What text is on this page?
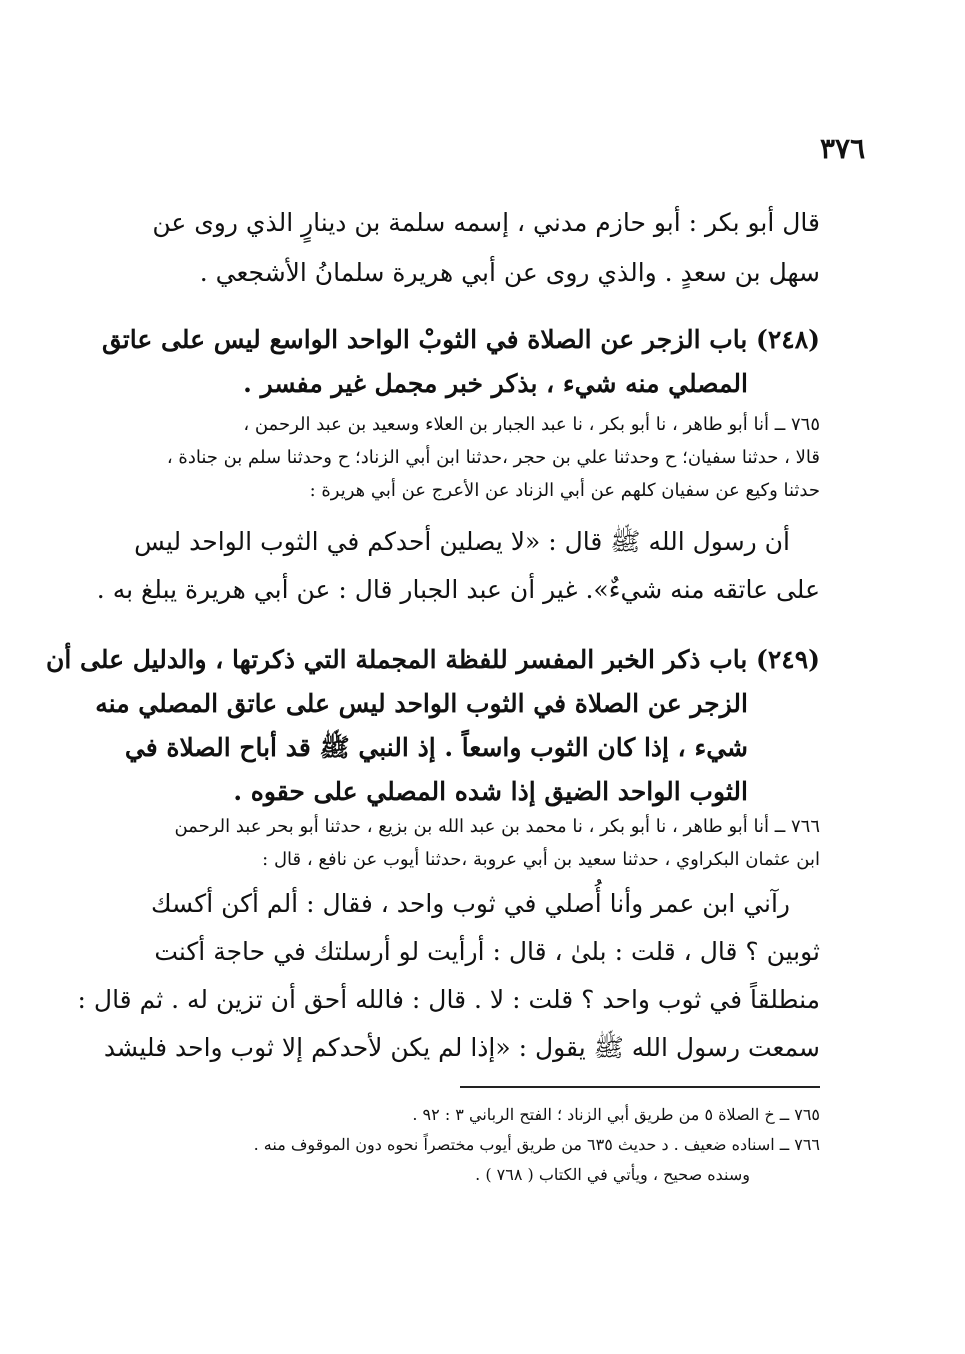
٣٧٦
قال أبو بكر : أبو حازم مدني ، إسمه سلمة بن دينارٍ الذي روى عن
سهل بن سعدٍ . والذي روى عن أبي هريرة سلمانُ الأشجعي .
(٢٤٨) باب الزجر عن الصلاة في الثوبْ الواحد الواسع ليس على عاتق
المصلي منه شيء ، بذكر خبر مجمل غير مفسر .
٧٦٥ ــ أنا أبو طاهر ، نا أبو بكر ، نا عبد الجبار بن العلاء وسعيد بن عبد الرحمن ،
قالا ، حدثنا سفيان؛ ح وحدثنا علي بن حجر ،حدثنا ابن أبي الزناد؛ ح وحدثنا سلم بن جنادة ،
حدثنا وكيع عن سفيان كلهم عن أبي الزناد عن الأعرج عن أبي هريرة :
أن رسول الله ﷺ قال : «لا يصلين أحدكم في الثوب الواحد ليس
على عاتقه منه شيءٌ». غير أن عبد الجبار قال : عن أبي هريرة يبلغ به .
(٢٤٩) باب ذكر الخبر المفسر للفظة المجملة التي ذكرتها ، والدليل على أن
الزجر عن الصلاة في الثوب الواحد ليس على عاتق المصلي منه
شيء ، إذا كان الثوب واسعاً . إذ النبي ﷺ قد أباح الصلاة في
الثوب الواحد الضيق إذا شده المصلي على حقوه .
٧٦٦ ــ أنا أبو طاهر ، نا أبو بكر ، نا محمد بن عبد الله بن بزيع ، حدثنا أبو بحر عبد الرحمن
ابن عثمان البكراوي ، حدثنا سعيد بن أبي عروبة ،حدثنا أيوب عن نافع ، قال :
رآني ابن عمر وأنا أُصلي في ثوب واحد ، فقال : ألم أكن أكسك
ثوبين ؟ قال ، قلت : بلىٰ ، قال : أرأيت لو أرسلتك في حاجة أكنت
منطلقاً في ثوب واحد ؟ قلت : لا . قال : فالله أحق أن تزين له . ثم قال :
سمعت رسول الله ﷺ يقول : «إذا لم يكن لأحدكم إلا ثوب واحد فليشد
٧٦٥ ــ خ الصلاة ٥ من طريق أبي الزناد ؛ الفتح الرباني ٣ : ٩٢ .
٧٦٦ ــ اسناده ضعيف . د حديث ٦٣٥ من طريق أيوب مختصراً نحوه دون الموقوف منه .
وسنده صحيح ، ويأتي في الكتاب ( ٧٦٨ ) .
